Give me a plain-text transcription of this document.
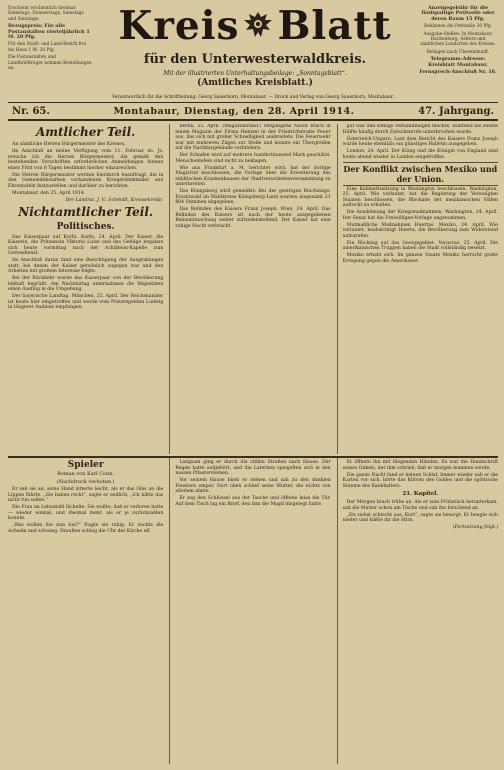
Erscheint wöchentlich dreimal: Dienstags, Donnerstags, Samstags und Sonntags.

Bezugspreis: Für alle Postanstalten vierteljährlich 1 M. 20 Pfg.

Für den Stadt- und Land-Bezirk frei ins Haus 1 M. 20 Pfg.

Die Postanstalten und Landbriefträger nehmen Bestellungen an.

Kreis Blatt
für den Unterwesterwaldkreis.
Mit der illustrierten Unterhaltungsbeilage: „Sonntagsblatt“.
(Amtliches Kreisblatt.)

Anzeigegebühr für die fünfspaltige Petitzeile oder deren Raum 15 Pfg.

Reklamen die Petitzeile 30 Pfg.

Ausgabe-Stellen: In Montabaur, Hachenburg, Selters und sämtlichen Landorten des Kreises.

Beilagen nach Übereinkunft.

Telegramm-Adresse: Kreisblatt Montabaur.

Fernsprech-Anschluß Nr. 16.

Verantwortlich für die Schriftleitung: Georg Sauerborn, Montabaur. — Druck und Verlag von Georg Sauerborn, Montabaur.
Nr. 65.	Montabaur, Dienstag, den 28. April 1914.	47. Jahrgang.
Amtlicher Teil.

An sämtliche Herren Bürgermeister des Kreises.

Im Anschluß an meine Verfügung vom 11. Februar ds. Js. ersuche ich die Herren Bürgermeister, die gemäß den bestehenden Vorschriften erforderlichen Anmeldungen binnen einer Frist von 8 Tagen bestimmt hierher einzureichen.

Die Herren Bürgermeister werden hierdurch beauftragt, die in den Gemeindebezirken vorhandenen Kriegerdenkmäler und Ehrentafeln festzustellen und darüber zu berichten.

Montabaur, den 25. April 1914.

Der Landrat. J. V.: Schmidt, Kreissekretär.

Nichtamtlicher Teil.
Politisches.

Das Kaiserpaar auf Korfu. Korfu, 24. April. Der Kaiser, die Kaiserin, die Prinzessin Viktoria Luise und das Gefolge begaben sich heute vormittag nach der Achilleion-Kapelle zum Gottesdienst.

Im Anschluß daran fand eine Besichtigung der Ausgrabungen statt, bei denen der Kaiser persönlich zugegen war und den Arbeiten mit großem Interesse folgte.

Bei der Rückkehr wurde das Kaiserpaar von der Bevölkerung lebhaft begrüßt. Am Nachmittag unternahmen die Majestäten einen Ausflug in die Umgebung.

Der bayerische Landtag. München, 25. April. Der Reichskanzler ist heute hier eingetroffen und wurde vom Prinzregenten Ludwig in längerer Audienz empfangen.

Berlin, 25. April. (Magazinbrand.) Vergangene Nacht brach in einem Magazin der Firma Hentzel in der Friedrichstraße Feuer aus, das sich mit großer Schnelligkeit ausbreitete. Die Feuerwehr war mit mehreren Zügen zur Stelle und konnte ein Übergreifen auf die Nachbargebäude verhindern.

Der Schaden wird auf mehrere hunderttausend Mark geschätzt. Menschenleben sind nicht zu beklagen.

Wie aus Frankfurt a. M. berichtet wird, hat der dortige Magistrat beschlossen, die Vorlage über die Erweiterung des städtischen Krankenhauses der Stadtverordnetenversammlung zu unterbreiten.

Das Königsberg wird gemeldet: Bei der gestrigen Reichstags-Ersatzwahl im Wahlkreise Königsberg-Land wurden insgesamt 21 804 Stimmen abgegeben.

Das Befinden des Kaisers Franz Joseph. Wien, 24. April. Das Befinden des Kaisers ist nach der heute ausgegebenen Bekanntmachung weiter zufriedenstellend. Der Kaiser hat eine ruhige Nacht verbracht.

gut war und wenige Verhandlungen machte, während die zweite Hälfte häufig durch Zwischenrufe unterbrochen wurde.

Österreich-Ungarn. Laut dem Bericht des Kaisers Franz Joseph wurde heute ebenfalls ein günstiges Bulletin ausgegeben.

London, 24. April. Der König und die Königin von England sind heute abend wieder in London eingetroffen.

Der Konflikt zwischen Mexiko und der Union.

Eine Kabinettssitzung in Washington beschlossen. Washington, 25. April. Wie verlautet, hat die Regierung der Vereinigten Staaten beschlossen, die Blockade der mexikanischen Häfen aufrecht zu erhalten.

Die Ausdehnung der Kriegsmaßnahmen. Washington, 24. April. Der Senat hat die Freiwilligen-Vorlage angenommen.

Mutmaßliche Maßnahmen Huertas. Mexiko, 24. April. Wie verlautet, beabsichtigt Huerta, die Bevölkerung zum Widerstand aufzurufen.

Ein Rückzug auf das Georgsgebiet. Veracruz, 25. April. Die amerikanischen Truppen haben die Stadt vollständig besetzt.

Mexiko erhebt sich. Im ganzen Staate Mexiko herrscht große Erregung gegen die Amerikaner.

Spieler
Roman von Karl Conn.
(Nachdruck verboten.)

Er sah sie an, seine Hand zitterte leicht, als er das Glas an die Lippen führte. „Sie haben recht“, sagte er endlich, „ich hätte das nicht tun sollen.“

Die Frau im Lehnstuhl lächelte. Sie wußte, daß er verloren hatte — wieder einmal, und diesmal mehr, als er je zurückzahlen konnte.

„Was wollen Sie nun tun?“ fragte sie ruhig. Er zuckte die Achseln und schwieg. Draußen schlug die Uhr der Kirche elf.

Langsam ging er durch die stillen Straßen nach Hause. Der Regen hatte aufgehört, und die Laternen spiegelten sich in den nassen Pflastersteinen.

Vor seinem Hause blieb er stehen und sah zu den dunklen Fenstern empor. Dort oben schlief seine Mutter, die nichts von alledem ahnte.

Er zog den Schlüssel aus der Tasche und öffnete leise die Tür. Auf dem Tisch lag ein Brief, den ihm die Magd hingelegt hatte.

Er öffnete ihn mit fliegenden Händen. Es war die Handschrift seines Onkels, der ihm schrieb, daß er morgen kommen werde.

Die ganze Nacht fand er keinen Schlaf. Immer wieder sah er die Karten vor sich, hörte das Klirren des Goldes und die spöttische Stimme des Bankhalters.

21. Kapitel.

Der Morgen brach trübe an. Als er zum Frühstück herunterkam, saß die Mutter schon am Tische und sah ihn forschend an.

„Du siehst schlecht aus, Kurt“, sagte sie besorgt. Er beugte sich nieder und küßte ihr die Stirn.

(Fortsetzung folgt.)
